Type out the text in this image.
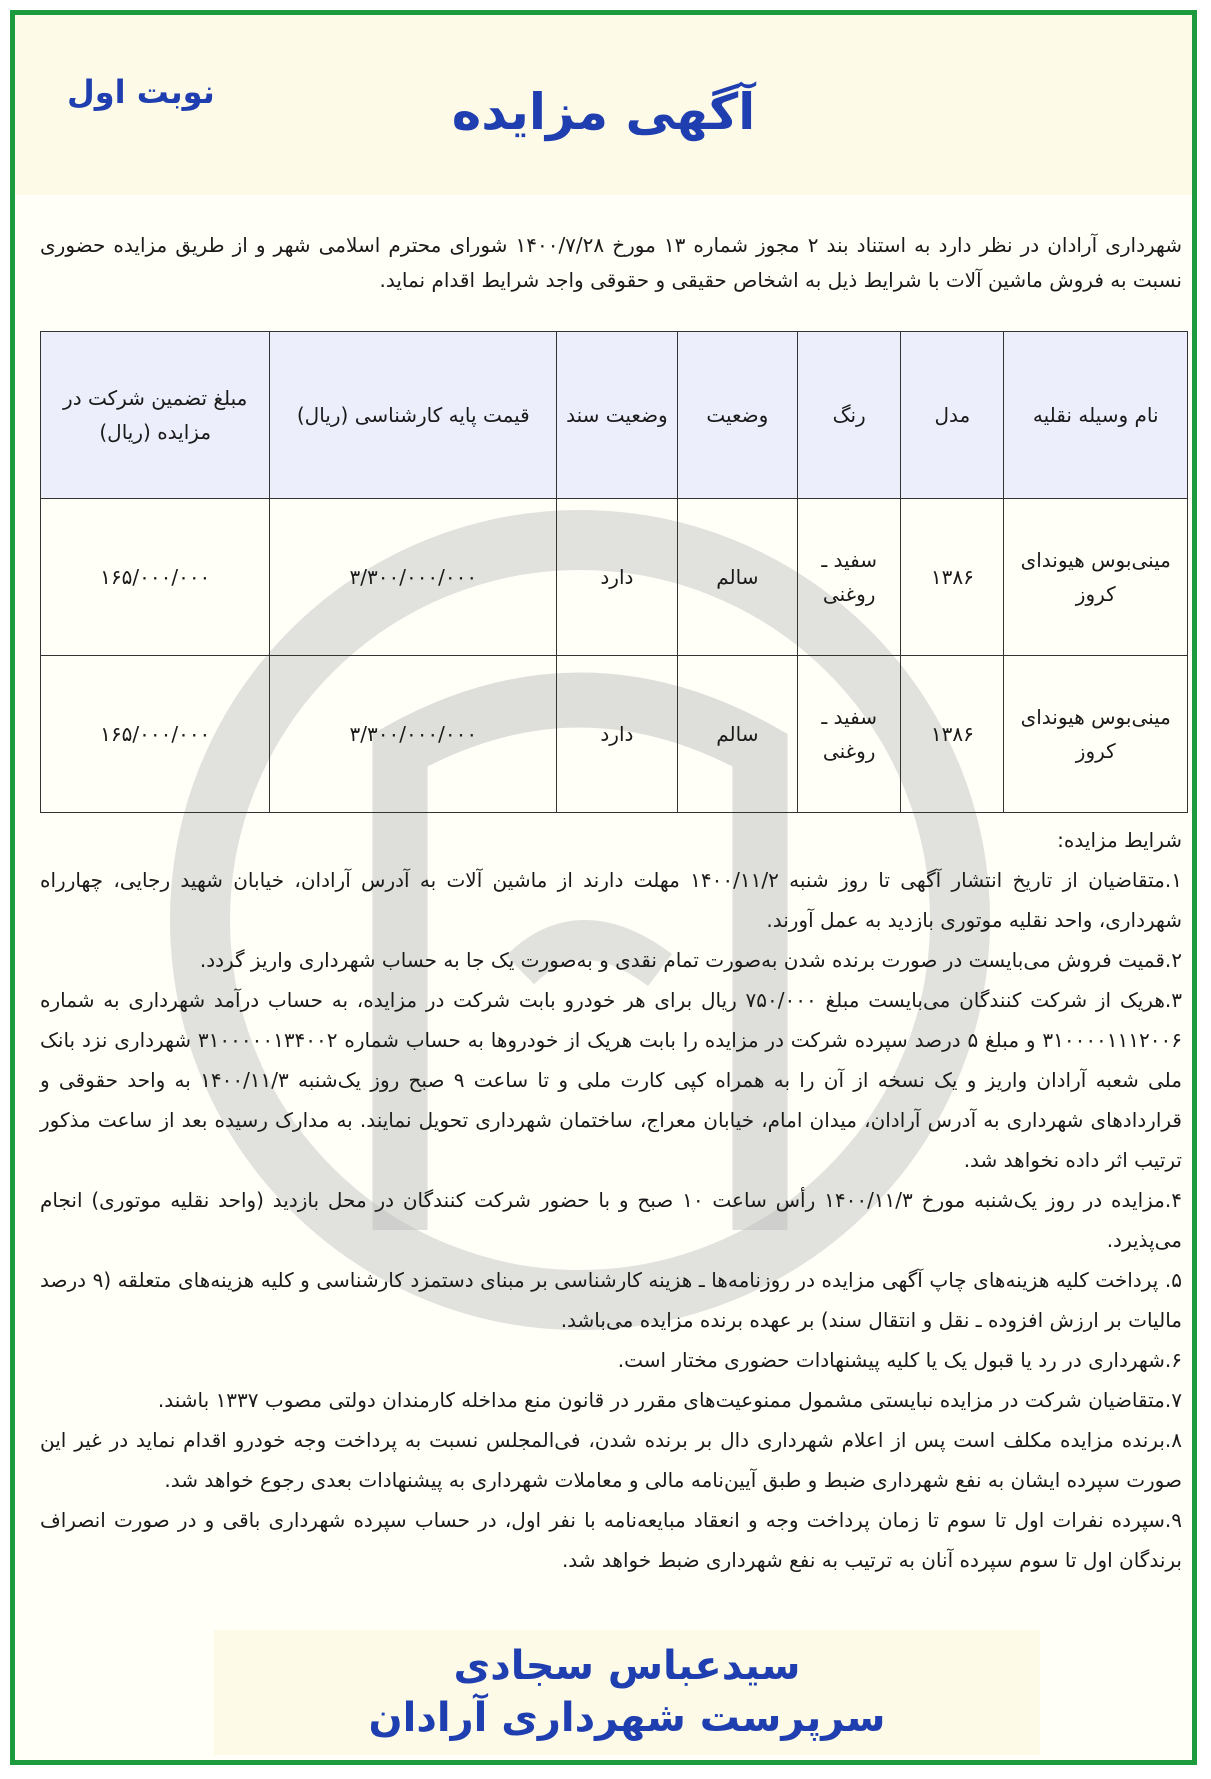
نوبت اول	آگهی مزایده
شهرداری آرادان در نظر دارد به استناد بند ۲ مجوز شماره ۱۳ مورخ ۱۴۰۰/۷/۲۸ شورای محترم اسلامی شهر و از طریق مزایده حضوری نسبت به فروش ماشین آلات با شرایط ذیل به اشخاص حقیقی و حقوقی واجد شرایط اقدام نماید.
نام وسیله نقلیه	مدل	رنگ	وضعیت	وضعیت سند	قیمت پایه کارشناسی (ریال)	مبلغ تضمین شرکت در مزایده (ریال)
مینی‌بوس هیوندای کروز	۱۳۸۶	سفید ـ روغنی	سالم	دارد	۳/۳۰۰/۰۰۰/۰۰۰	۱۶۵/۰۰۰/۰۰۰
مینی‌بوس هیوندای کروز	۱۳۸۶	سفید ـ روغنی	سالم	دارد	۳/۳۰۰/۰۰۰/۰۰۰	۱۶۵/۰۰۰/۰۰۰

شرایط مزایده:

۱.متقاضیان از تاریخ انتشار آگهی تا روز شنبه ۱۴۰۰/۱۱/۲ مهلت دارند از ماشین آلات به آدرس آرادان، خیابان شهید رجایی، چهارراه شهرداری، واحد نقلیه موتوری بازدید به عمل آورند.

۲.قمیت فروش می‌بایست در صورت برنده شدن به‌صورت تمام نقدی و به‌صورت یک جا به حساب شهرداری واریز گردد.

۳.هریک از شرکت کنندگان می‌بایست مبلغ ۷۵۰/۰۰۰ ریال برای هر خودرو بابت شرکت در مزایده، به حساب درآمد شهرداری به شماره ۳۱۰۰۰۰۱۱۱۲۰۰۶ و مبلغ ۵ درصد سپرده شرکت در مزایده را بابت هریک از خودروها به حساب شماره ۳۱۰۰۰۰۰۱۳۴۰۰۲ شهرداری نزد بانک ملی شعبه آرادان واریز و یک نسخه از آن را به همراه کپی کارت ملی و تا ساعت ۹ صبح روز یک‌شنبه ۱۴۰۰/۱۱/۳ به واحد حقوقی و قراردادهای شهرداری به آدرس آرادان، میدان امام، خیابان معراج، ساختمان شهرداری تحویل نمایند. به مدارک رسیده بعد از ساعت مذکور ترتیب اثر داده نخواهد شد.

۴.مزایده در روز یک‌شنبه مورخ ۱۴۰۰/۱۱/۳ رأس ساعت ۱۰ صبح و با حضور شرکت کنندگان در محل بازدید (واحد نقلیه موتوری) انجام می‌پذیرد.

۵. پرداخت کلیه هزینه‌های چاپ آگهی مزایده در روزنامه‌ها ـ هزینه کارشناسی بر مبنای دستمزد کارشناسی و کلیه هزینه‌های متعلقه (۹ درصد مالیات بر ارزش افزوده ـ نقل و انتقال سند) بر عهده برنده مزایده می‌باشد.

۶.شهرداری در رد یا قبول یک یا کلیه پیشنهادات حضوری مختار است.

۷.متقاضیان شرکت در مزایده نبایستی مشمول ممنوعیت‌های مقرر در قانون منع مداخله کارمندان دولتی مصوب ۱۳۳۷ باشند.

۸.برنده مزایده مکلف است پس از اعلام شهرداری دال بر برنده شدن، فی‌المجلس نسبت به پرداخت وجه خودرو اقدام نماید در غیر این صورت سپرده ایشان به نفع شهرداری ضبط و طبق آیین‌نامه مالی و معاملات شهرداری به پیشنهادات بعدی رجوع خواهد شد.

۹.سپرده نفرات اول تا سوم تا زمان پرداخت وجه و انعقاد مبایعه‌نامه با نفر اول، در حساب سپرده شهرداری باقی و در صورت انصراف برندگان اول تا سوم سپرده آنان به ترتیب به نفع شهرداری ضبط خواهد شد.

سیدعباس سجادی
سرپرست شهرداری آرادان
